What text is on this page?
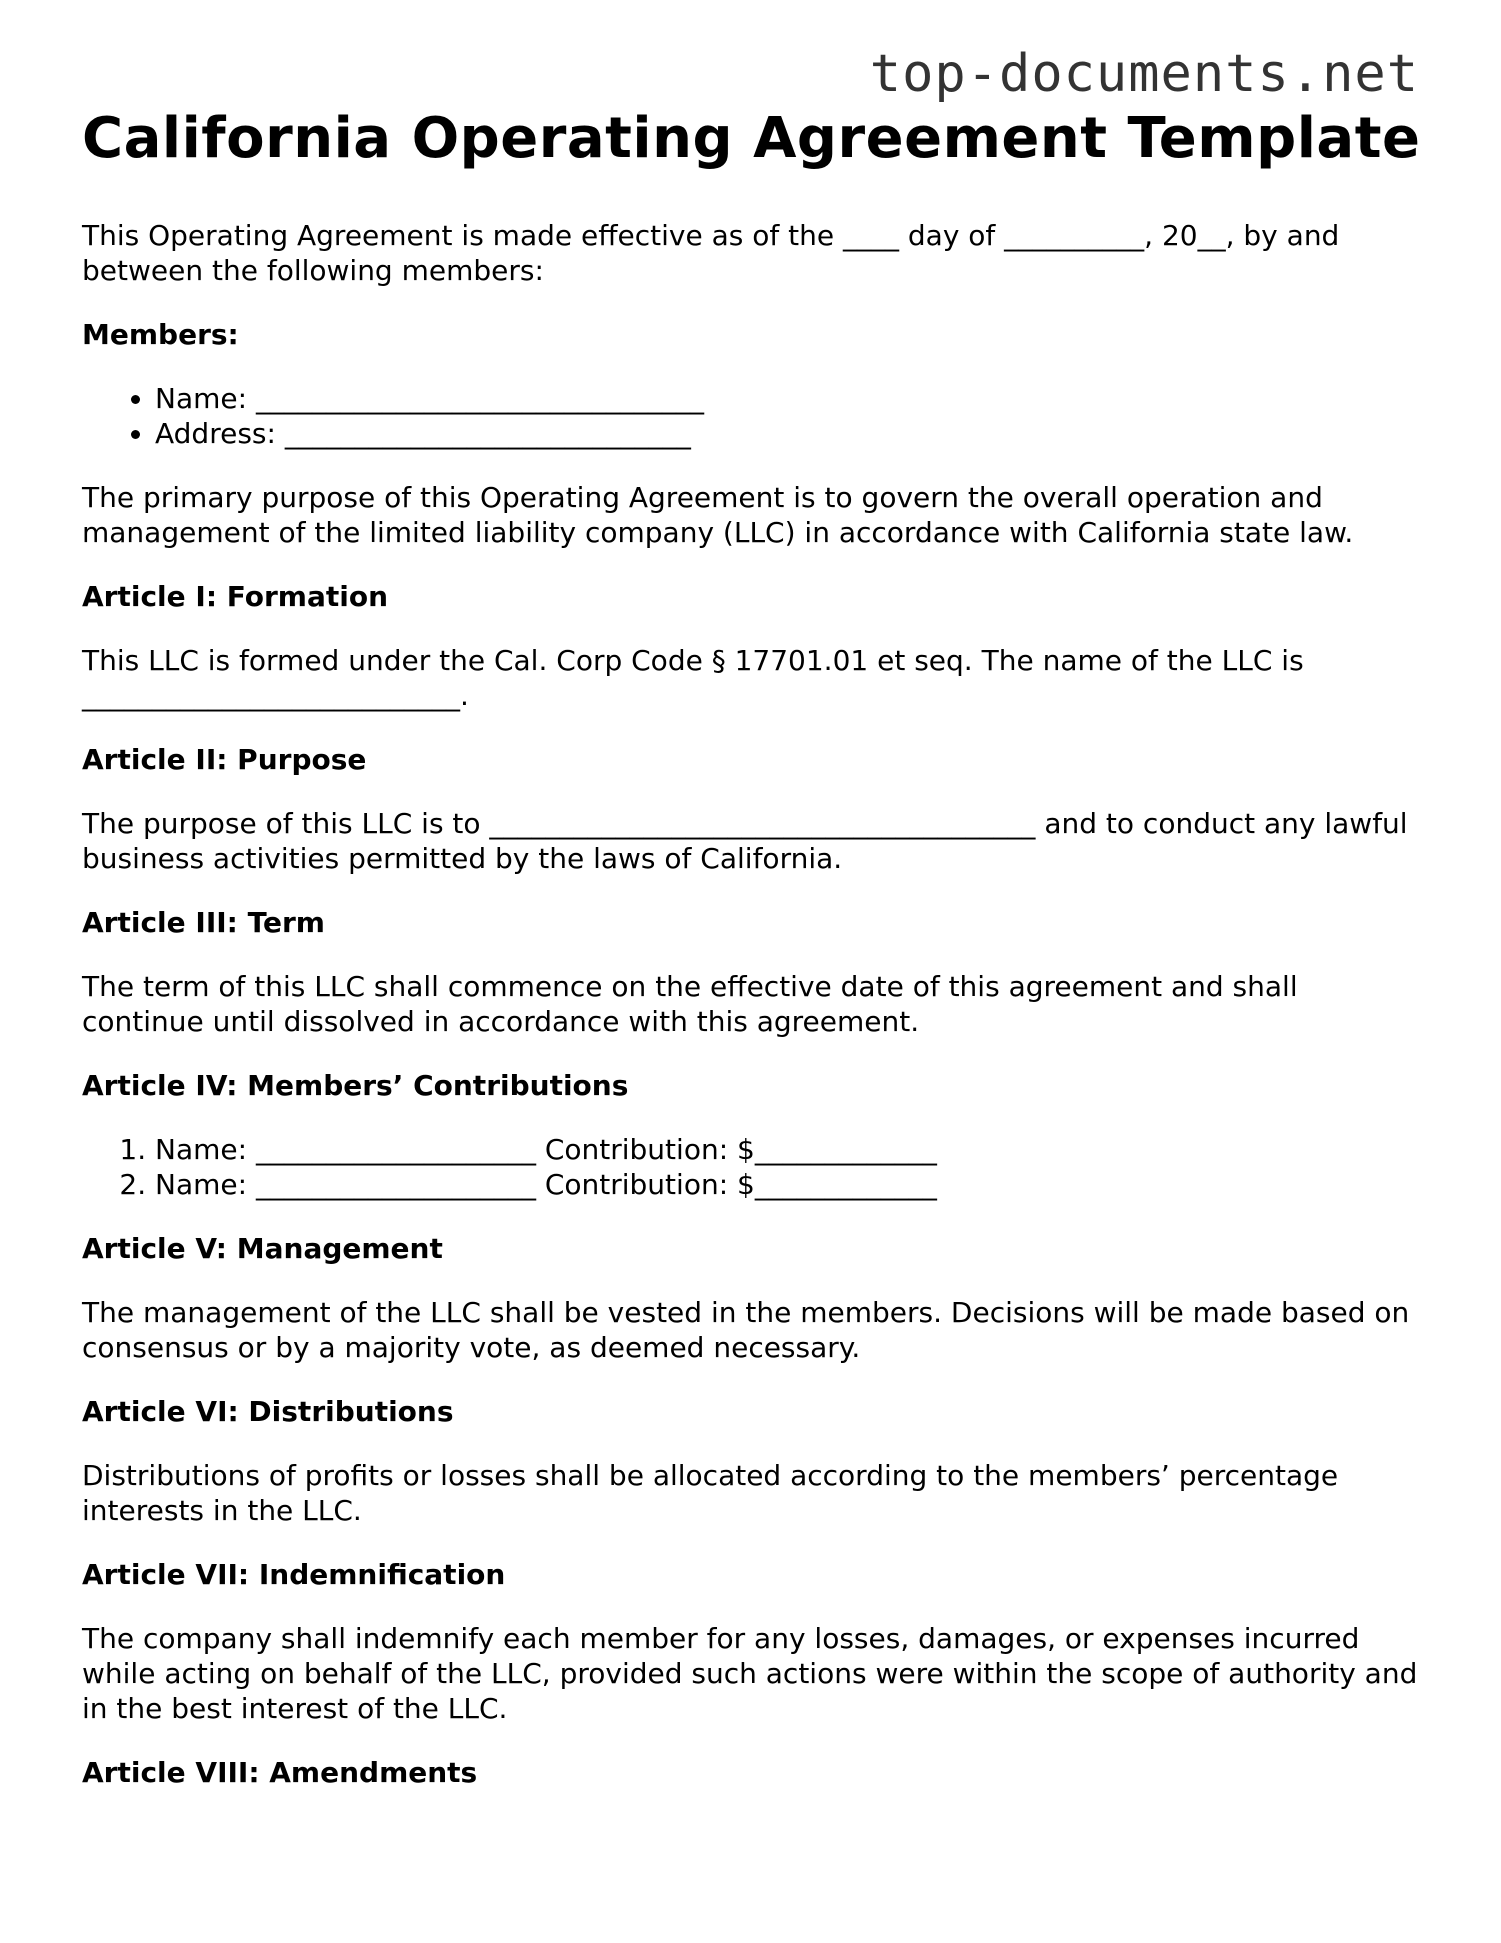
top-documents.net
California Operating Agreement Template

This Operating Agreement is made effective as of the ____ day of __________, 20__, by and between the following members:

Members:
• Name: ________________________________
• Address: _____________________________

The primary purpose of this Operating Agreement is to govern the overall operation and management of the limited liability company (LLC) in accordance with California state law.

Article I: Formation

This LLC is formed under the Cal. Corp Code § 17701.01 et seq. The name of the LLC is ___________________________.

Article II: Purpose

The purpose of this LLC is to _______________________________________ and to conduct any lawful business activities permitted by the laws of California.

Article III: Term

The term of this LLC shall commence on the effective date of this agreement and shall continue until dissolved in accordance with this agreement.

Article IV: Members’ Contributions
1. Name: ____________________ Contribution: $_____________
2. Name: ____________________ Contribution: $_____________
Article V: Management

The management of the LLC shall be vested in the members. Decisions will be made based on consensus or by a majority vote, as deemed necessary.

Article VI: Distributions

Distributions of profits or losses shall be allocated according to the members’ percentage interests in the LLC.

Article VII: Indemnification

The company shall indemnify each member for any losses, damages, or expenses incurred while acting on behalf of the LLC, provided such actions were within the scope of authority and in the best interest of the LLC.

Article VIII: Amendments
